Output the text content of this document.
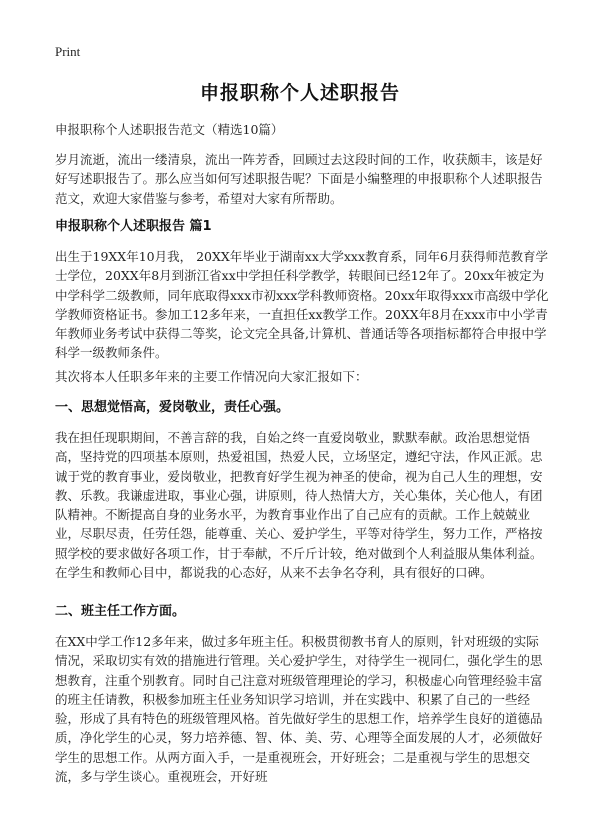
Print
申报职称个人述职报告
申报职称个人述职报告范文（精选10篇）
岁月流逝，流出一缕清泉，流出一阵芳香，回顾过去这段时间的工作，收获颇丰，该是好好写述职报告了。那么应当如何写述职报告呢？下面是小编整理的申报职称个人述职报告范文，欢迎大家借鉴与参考，希望对大家有所帮助。
申报职称个人述职报告 篇1
出生于19XX年10月我， 20XX年毕业于湖南xx大学xxx教育系，同年6月获得师范教育学士学位，20XX年8月到浙江省xx中学担任科学教学，转眼间已经12年了。20xx年被定为中学科学二级教师，同年底取得xxx市初xxx学科教师资格。20xx年取得xxx市高级中学化学教师资格证书。参加工12多年来，一直担任xx教学工作。20XX年8月在xxx市中小学青年教师业务考试中获得二等奖，论文完全具备,计算机、普通话等各项指标都符合申报中学科学一级教师条件。
其次将本人任职多年来的主要工作情况向大家汇报如下：
一、思想觉悟高，爱岗敬业，责任心强。
我在担任现职期间，不善言辞的我，自始之终一直爱岗敬业，默默奉献。政治思想觉悟高，坚持党的四项基本原则，热爱祖国，热爱人民，立场坚定，遵纪守法，作风正派。忠诚于党的教育事业，爱岗敬业，把教育好学生视为神圣的使命，视为自己人生的理想，安教、乐教。我谦虚进取，事业心强，讲原则，待人热情大方，关心集体，关心他人，有团队精神。不断提高自身的业务水平，为教育事业作出了自己应有的贡献。工作上兢兢业业，尽职尽责，任劳任怨，能尊重、关心、爱护学生，平等对待学生，努力工作，严格按照学校的要求做好各项工作，甘于奉献，不斤斤计较，绝对做到个人利益服从集体利益。在学生和教师心目中，都说我的心态好，从来不去争名夺利，具有很好的口碑。
二、班主任工作方面。
在XX中学工作12多年来，做过多年班主任。积极贯彻教书育人的原则，针对班级的实际情况，采取切实有效的措施进行管理。关心爱护学生，对待学生一视同仁，强化学生的思想教育，注重个别教育。同时自己注意对班级管理理论的学习，积极虚心向管理经验丰富的班主任请教，积极参加班主任业务知识学习培训，并在实践中、积累了自己的一些经验，形成了具有特色的班级管理风格。首先做好学生的思想工作，培养学生良好的道德品质，净化学生的心灵，努力培养德、智、体、美、劳、心理等全面发展的人才，必须做好学生的思想工作。从两方面入手，一是重视班会，开好班会；二是重视与学生的思想交流，多与学生谈心。重视班会，开好班
